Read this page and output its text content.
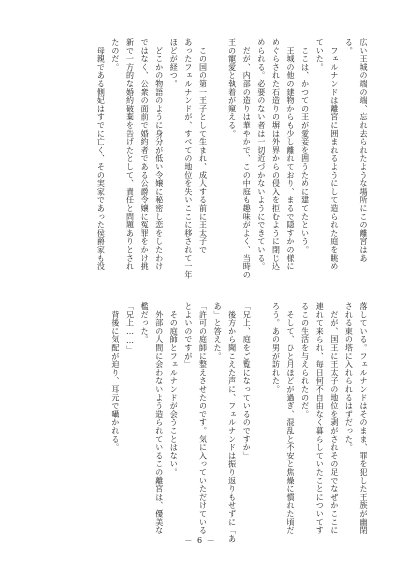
広い王城の端の端、忘れ去られたような場所にこの離宮はあ
る。
　フェルナンドは離宮に囲まれるようにして造られた庭を眺め
ていた。
　ここは、かつての王が愛妾を囲うために建てたという。
　王城の他の建物からも少し離れており、まるで隠すかの様に
めぐらされた石造りの塀は外界からの侵入を拒むように閉じ込
められる。必要のない者は一切近づかないようにできている。
　だが、内部の造りは華やかで、この中庭も趣味がよく、当時の
王の寵愛と執着が窺える。

　この国の第一王子として生まれ、成人する前に王太子で
あったフェルナンドが、すべての地位を失いここに移されて一年
ほどが経つ。
　どこかの物語のように身分が低い令嬢に秘密し恋をしたわけ
ではなく、公衆の面前で婚約者である公爵令嬢に冤罪をかけ挑
新で一方的な婚約破棄を告げたとして、責任と問題ありとされ
たのだ。
　母親である側妃はすでに亡く、その実家であった侯爵家も没
落している。フェルナンドはそのまま、罪を犯した王族が幽閉
される東の塔に入れられるはずだった。
　だが、国王に王太子の地位を剥がされその足でなぜかここに
連れて来られ、毎日何不自由なく暮らしていたことについてす
るこの生活を与えられたのだ。
　そして、ひと月ほどが過ぎ、混乱と不安と焦燥に慣れた頃だ
ろう。あの男が訪れた。

「兄上、庭をご覧になっているのですか」
　後方から聞こえた声に、フェルナンドは振り返りもせずに「あ
あ」と答えた。
「許可の庭師に整えさせたのです。気に入っていただけている
とよいのですが」
　その庭師とフェルナンドが会うことはない。
　外部の人間に会わないよう造られているこの離宮は、優美な
檻だった。
「兄上……」
　背後に気配が迫り、耳元で囁かれる。
－ 6 －
